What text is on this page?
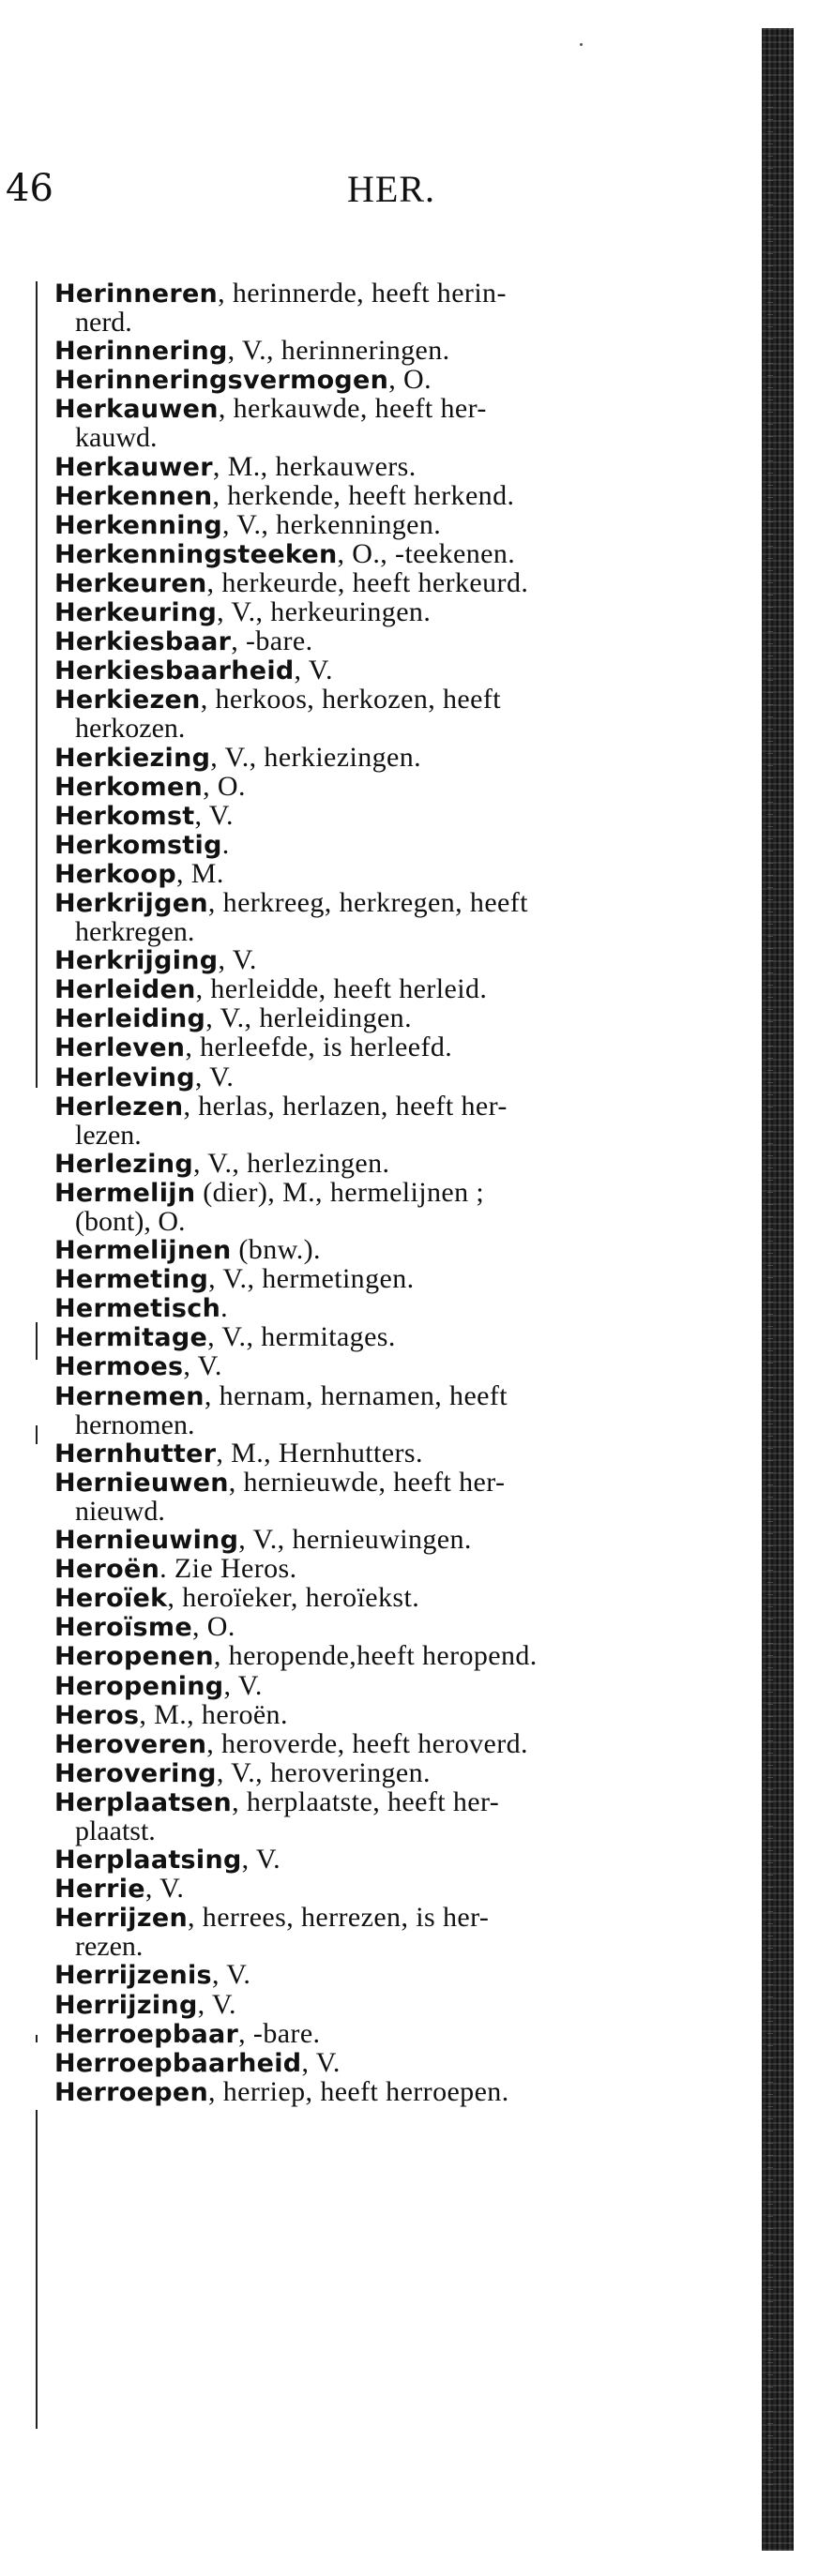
46	HER.

Herinneren, herinnerde, heeft herin-
nerd.

Herinnering, V., herinneringen.

Herinneringsvermogen, O.

Herkauwen, herkauwde, heeft her-
kauwd.

Herkauwer, M., herkauwers.

Herkennen, herkende, heeft herkend.

Herkenning, V., herkenningen.

Herkenningsteeken, O., -teekenen.

Herkeuren, herkeurde, heeft herkeurd.

Herkeuring, V., herkeuringen.

Herkiesbaar, -bare.

Herkiesbaarheid, V.

Herkiezen, herkoos, herkozen, heeft
herkozen.

Herkiezing, V., herkiezingen.

Herkomen, O.

Herkomst, V.

Herkomstig.

Herkoop, M.

Herkrijgen, herkreeg, herkregen, heeft
herkregen.

Herkrijging, V.

Herleiden, herleidde, heeft herleid.

Herleiding, V., herleidingen.

Herleven, herleefde, is herleefd.

Herleving, V.

Herlezen, herlas, herlazen, heeft her-
lezen.

Herlezing, V., herlezingen.

Hermelijn (dier), M., hermelijnen ;
(bont), O.

Hermelijnen (bnw.).

Hermeting, V., hermetingen.

Hermetisch.

Hermitage, V., hermitages.

Hermoes, V.

Hernemen, hernam, hernamen, heeft
hernomen.

Hernhutter, M., Hernhutters.

Hernieuwen, hernieuwde, heeft her-
nieuwd.

Hernieuwing, V., hernieuwingen.

Heroën. Zie Heros.

Heroïek, heroïeker, heroïekst.

Heroïsme, O.

Heropenen, heropende,heeft heropend.

Heropening, V.

Heros, M., heroën.

Heroveren, heroverde, heeft heroverd.

Herovering, V., heroveringen.

Herplaatsen, herplaatste, heeft her-
plaatst.

Herplaatsing, V.

Herrie, V.

Herrijzen, herrees, herrezen, is her-
rezen.

Herrijzenis, V.

Herrijzing, V.

Herroepbaar, -bare.

Herroepbaarheid, V.

Herroepen, herriep, heeft herroepen.
